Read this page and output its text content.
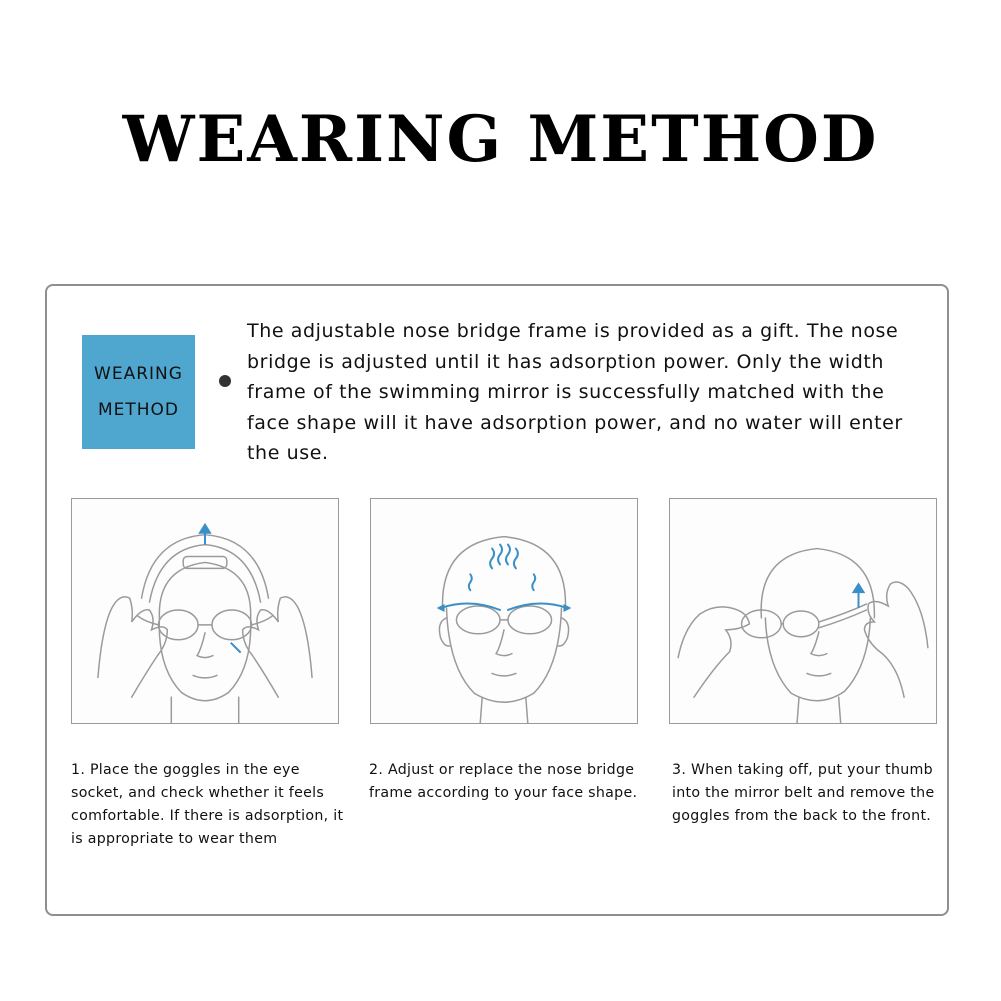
WEARING METHOD
WEARING
METHOD

The adjustable nose bridge frame is provided as a gift. The nose bridge is adjusted until it has adsorption power. Only the width frame of the swimming mirror is successfully matched with the face shape will it have adsorption power, and no water will enter the use.

1. Place the goggles in the eye socket, and check whether it feels comfortable. If there is adsorption, it is appropriate to wear them

2. Adjust or replace the nose bridge frame according to your face shape.

3. When taking off, put your thumb into the mirror belt and remove the goggles from the back to the front.
